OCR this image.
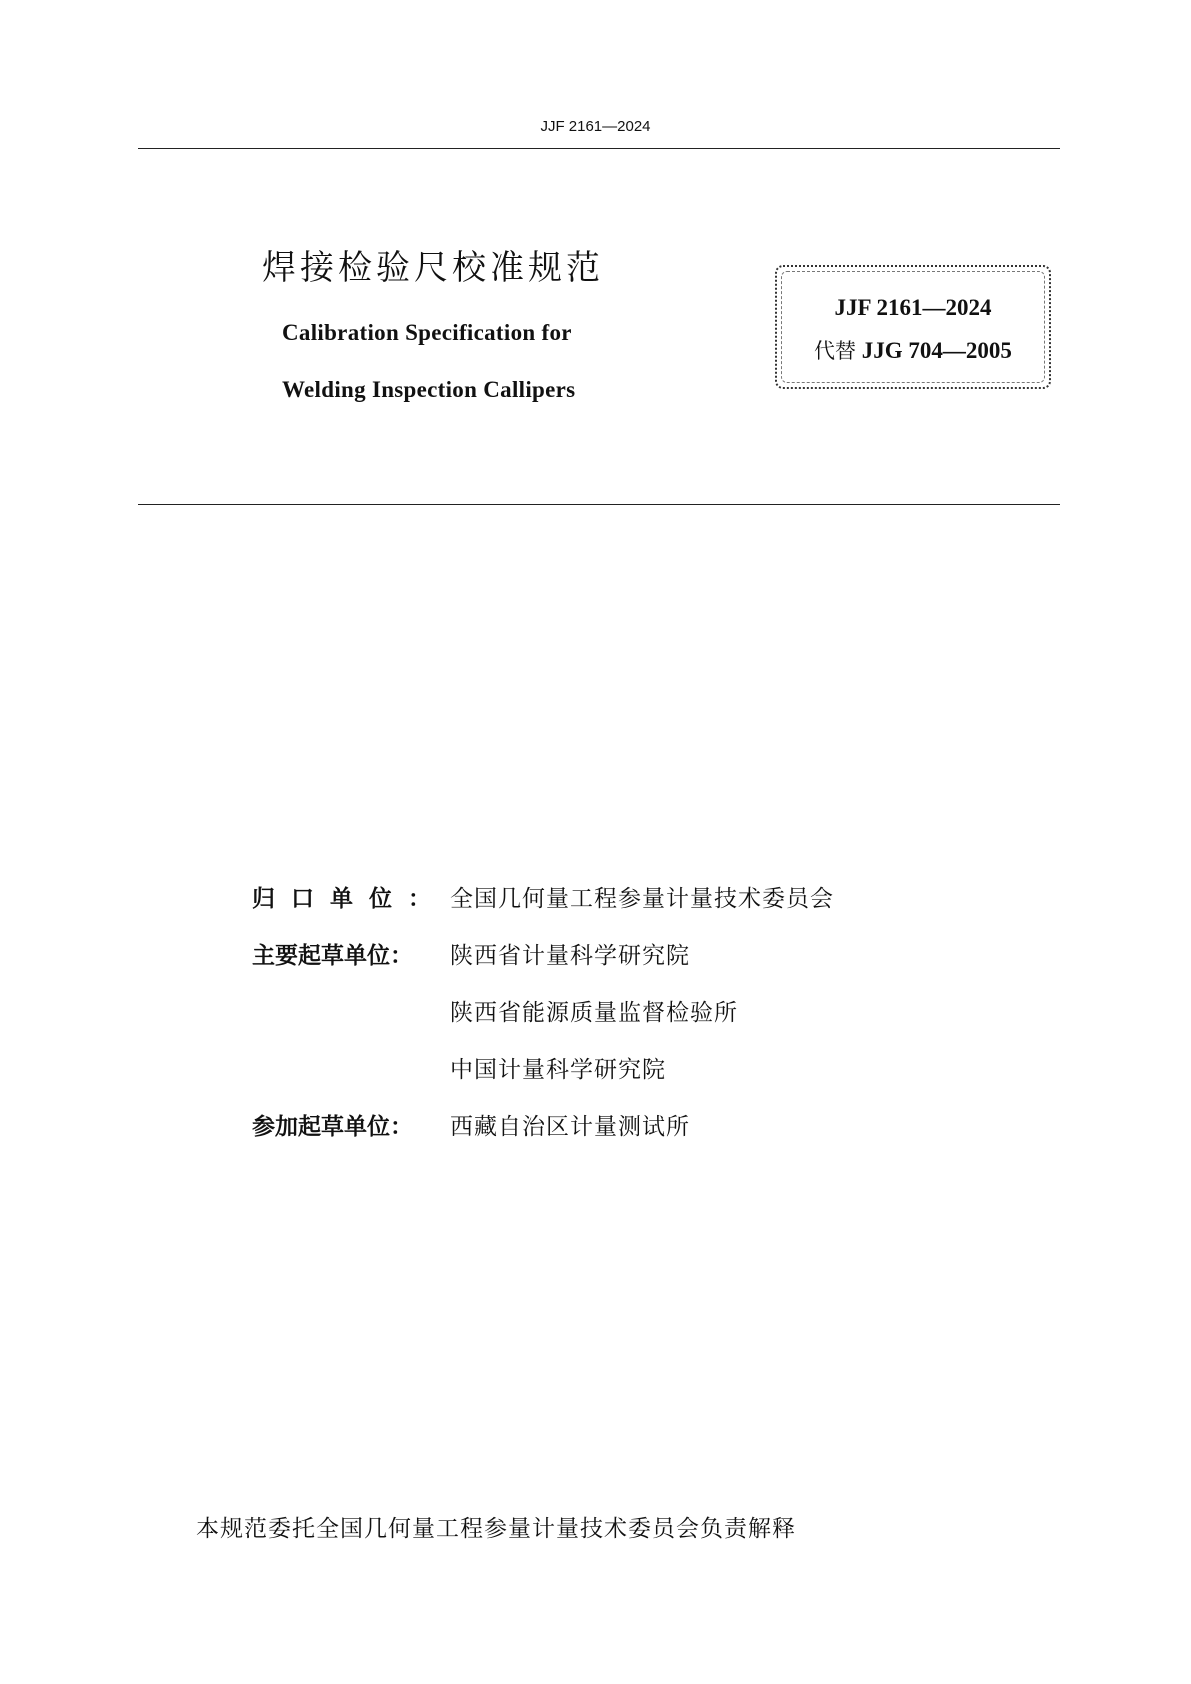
JJF 2161—2024
焊接检验尺校准规范
Calibration Specification for
Welding Inspection Callipers
JJF 2161—2024
代替 JJG 704—2005
归口单位： 全国几何量工程参量计量技术委员会
主要起草单位：	陕西省计量科学研究院
陕西省能源质量监督检验所
中国计量科学研究院
参加起草单位：	西藏自治区计量测试所
本规范委托全国几何量工程参量计量技术委员会负责解释
